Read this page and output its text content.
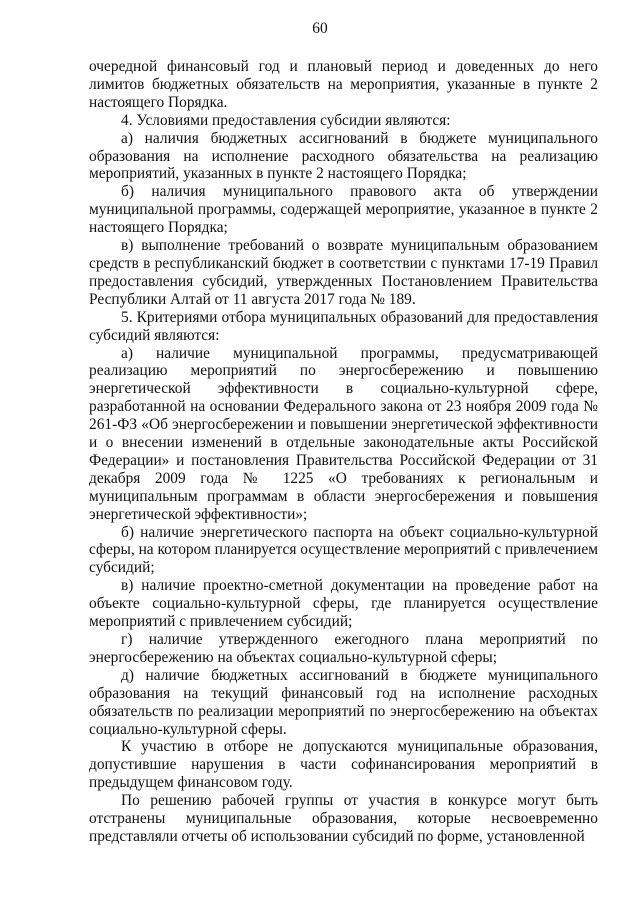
60

очередной финансовый год и плановый период и доведенных до него лимитов бюджетных обязательств на мероприятия, указанные в пункте 2 настоящего Порядка.

4. Условиями предоставления субсидии являются:

а) наличия бюджетных ассигнований в бюджете муниципального образования на исполнение расходного обязательства на реализацию мероприятий, указанных в пункте 2 настоящего Порядка;

б) наличия муниципального правового акта об утверждении муниципальной программы, содержащей мероприятие, указанное в пункте 2 настоящего Порядка;

в) выполнение требований о возврате муниципальным образованием средств в республиканский бюджет в соответствии с пунктами 17-19 Правил предоставления субсидий, утвержденных Постановлением Правительства Республики Алтай от 11 августа 2017 года № 189.

5. Критериями отбора муниципальных образований для предоставления субсидий являются:

а) наличие муниципальной программы, предусматривающей реализацию мероприятий по энергосбережению и повышению энергетической эффективности в социально-культурной сфере, разработанной на основании Федерального закона от 23 ноября 2009 года № 261-ФЗ «Об энергосбережении и повышении энергетической эффективности и о внесении изменений в отдельные законодательные акты Российской Федерации» и постановления Правительства Российской Федерации от 31 декабря 2009 года № 1225 «О требованиях к региональным и муниципальным программам в области энергосбережения и повышения энергетической эффективности»;

б) наличие энергетического паспорта на объект социально-культурной сферы, на котором планируется осуществление мероприятий с привлечением субсидий;

в) наличие проектно-сметной документации на проведение работ на объекте социально-культурной сферы, где планируется осуществление мероприятий с привлечением субсидий;

г) наличие утвержденного ежегодного плана мероприятий по энергосбережению на объектах социально-культурной сферы;

д) наличие бюджетных ассигнований в бюджете муниципального образования на текущий финансовый год на исполнение расходных обязательств по реализации мероприятий по энергосбережению на объектах социально-культурной сферы.

К участию в отборе не допускаются муниципальные образования, допустившие нарушения в части софинансирования мероприятий в предыдущем финансовом году.

По решению рабочей группы от участия в конкурсе могут быть отстранены муниципальные образования, которые несвоевременно представляли отчеты об использовании субсидий по форме, установленной
